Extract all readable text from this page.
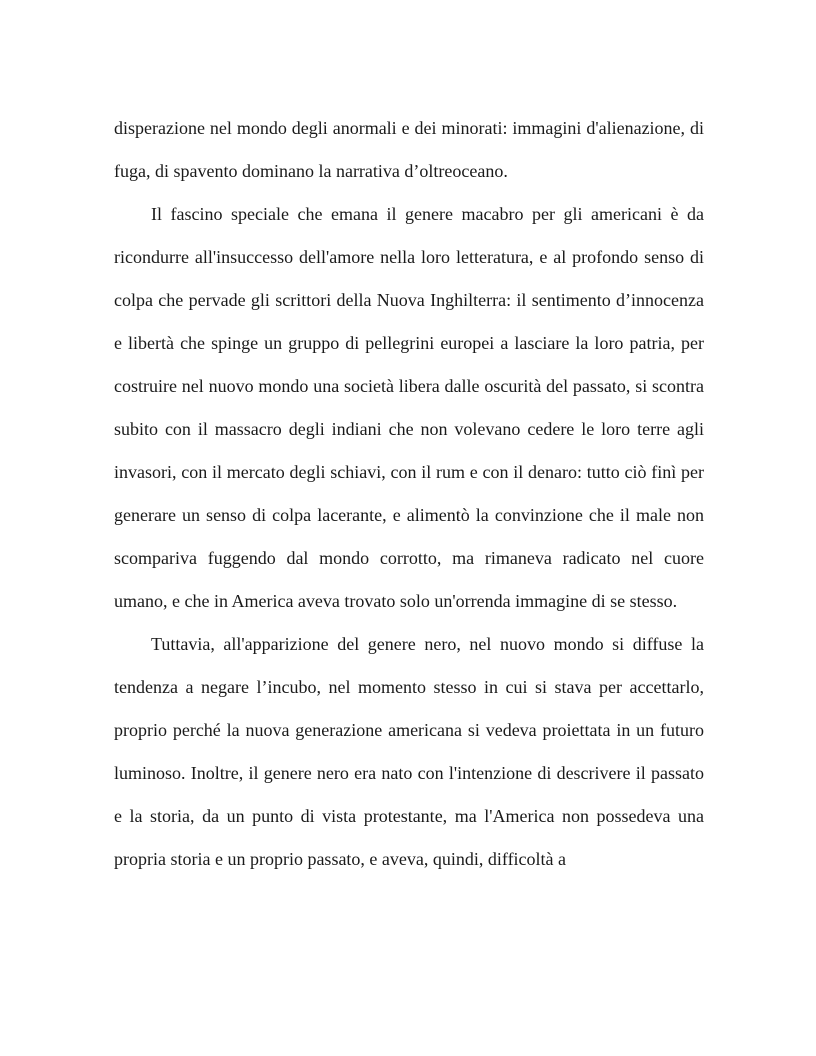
disperazione nel mondo degli anormali e dei minorati: immagini d'alienazione, di fuga, di spavento dominano la narrativa d’oltreoceano.

Il fascino speciale che emana il genere macabro per gli americani è da ricondurre all'insuccesso dell'amore nella loro letteratura, e al profondo senso di colpa che pervade gli scrittori della Nuova Inghilterra: il sentimento d’innocenza e libertà che spinge un gruppo di pellegrini europei a lasciare la loro patria, per costruire nel nuovo mondo una società libera dalle oscurità del passato, si scontra subito con il massacro degli indiani che non volevano cedere le loro terre agli invasori, con il mercato degli schiavi, con il rum e con il denaro: tutto ciò finì per generare un senso di colpa lacerante, e alimentò la convinzione che il male non scompariva fuggendo dal mondo corrotto, ma rimaneva radicato nel cuore umano, e che in America aveva trovato solo un'orrenda immagine di se stesso.

Tuttavia, all'apparizione del genere nero, nel nuovo mondo si diffuse la tendenza a negare l’incubo, nel momento stesso in cui si stava per accettarlo, proprio perché la nuova generazione americana si vedeva proiettata in un futuro luminoso. Inoltre, il genere nero era nato con l'intenzione di descrivere il passato e la storia, da un punto di vista protestante, ma l'America non possedeva una propria storia e un proprio passato, e aveva, quindi, difficoltà a
